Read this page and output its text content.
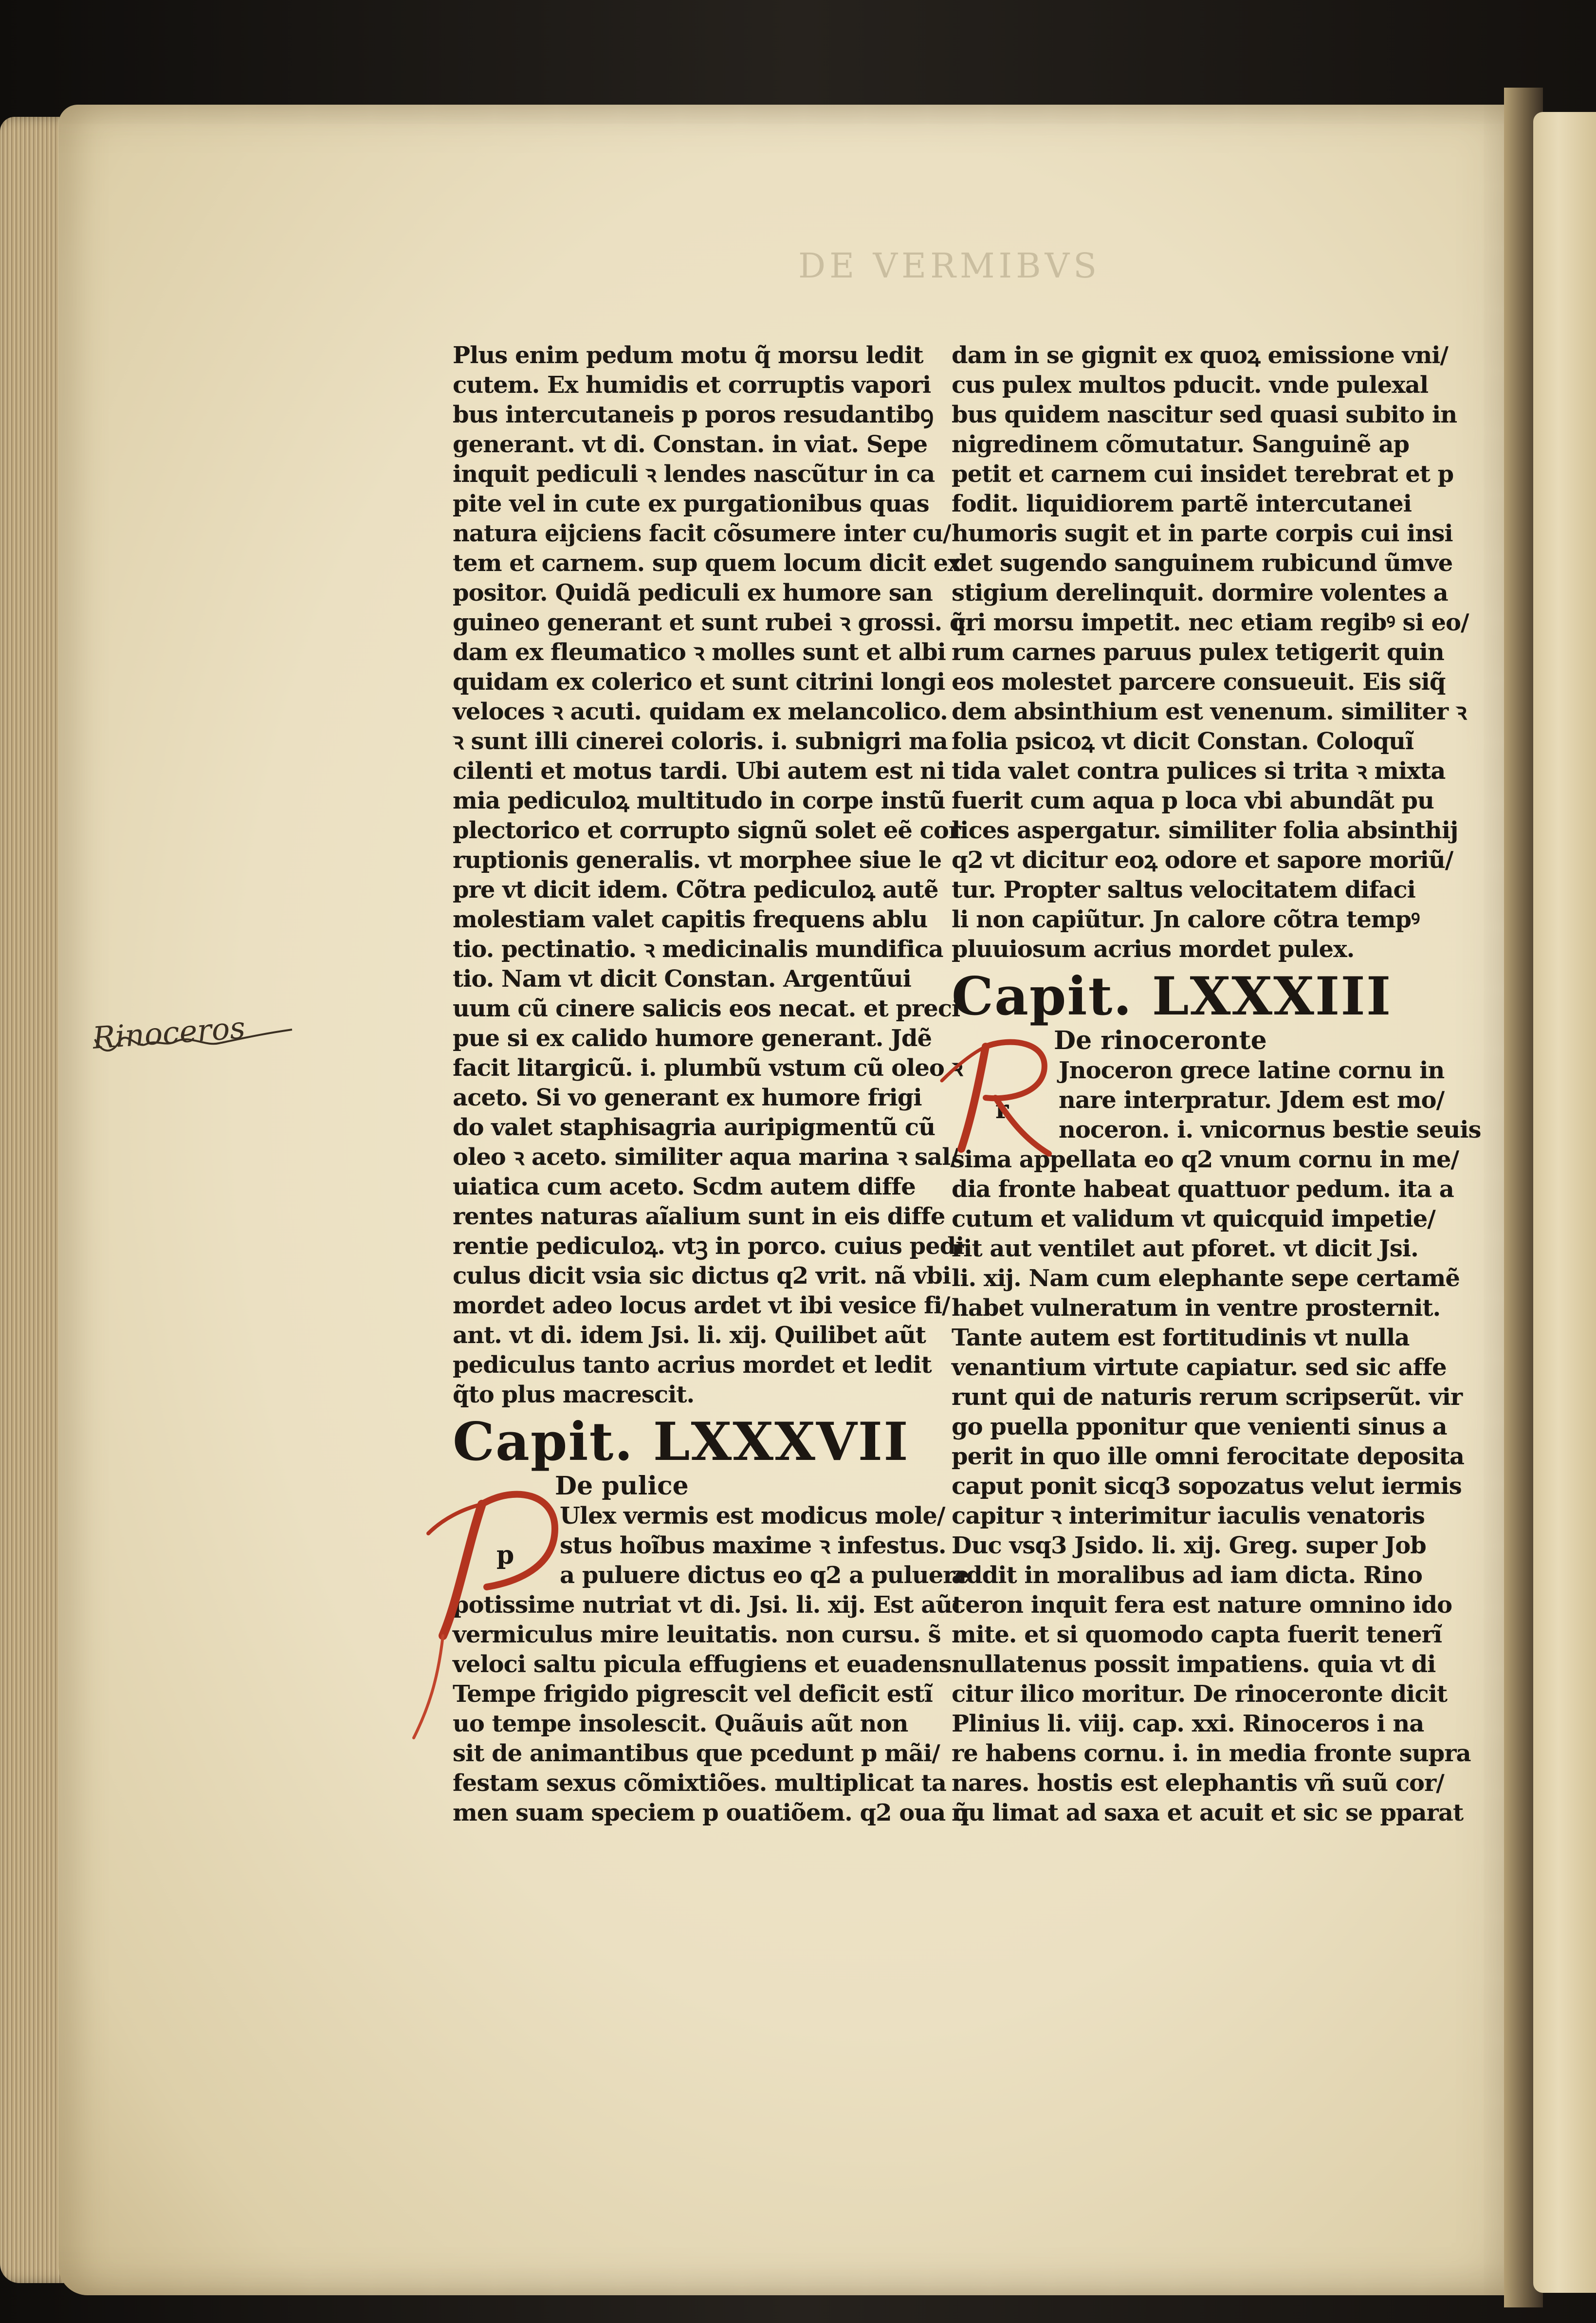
DE VERMIBVS
Rinoceros
Plus enim pedum motu q̃ morsu ledit
cutem. Ex humidis et corruptis vapori
bus intercutaneis p poros resudantibꝯ
generant. vt di. Constan. in viat. Sepe
inquit pediculi ꝛ lendes nascũtur in ca
pite vel in cute ex purgationibus quas
natura eijciens facit cõsumere inter cu/
tem et carnem. sup quem locum dicit ex
positor. Quidã pediculi ex humore san
guineo generant et sunt rubei ꝛ grossi. q̃
dam ex fleumatico ꝛ molles sunt et albi
quidam ex colerico et sunt citrini longi
veloces ꝛ acuti. quidam ex melancolico.
ꝛ sunt illi cinerei coloris. i. subnigri ma
cilenti et motus tardi. Ubi autem est ni
mia pediculoꝝ multitudo in corpe instũ
plectorico et corrupto signũ solet eẽ cor
ruptionis generalis. vt morphee siue le
pre vt dicit idem. Cõtra pediculoꝝ autẽ
molestiam valet capitis frequens ablu
tio. pectinatio. ꝛ medicinalis mundifica
tio. Nam vt dicit Constan. Argentũui
uum cũ cinere salicis eos necat. et preci
pue si ex calido humore generant. Jdẽ
facit litargicũ. i. plumbũ vstum cũ oleo ꝛ
aceto. Si vo generant ex humore frigi
do valet staphisagria auripigmentũ cũ
oleo ꝛ aceto. similiter aqua marina ꝛ sal/
uiatica cum aceto. Scdm autem diffe
rentes naturas aĩalium sunt in eis diffe
rentie pediculoꝝ. vtꝫ in porco. cuius pedi
culus dicit vsia sic dictus q2 vrit. nã vbi
mordet adeo locus ardet vt ibi vesice fi/
ant. vt di. idem Jsi. li. xij. Quilibet aũt
pediculus tanto acrius mordet et ledit
q̃to plus macrescit.
Capit. LXXXVII
De pulice
p
Ulex vermis est modicus mole/
stus hoĩbus maxime ꝛ infestus.
a puluere dictus eo q2 a puluere
potissime nutriat vt di. Jsi. li. xij. Est aũt
vermiculus mire leuitatis. non cursu. s̃
veloci saltu picula effugiens et euadens.
Tempe frigido pigrescit vel deficit estĩ
uo tempe insolescit. Quãuis aũt non
sit de animantibus que pcedunt p mãi/
festam sexus cõmixtiões. multiplicat ta
men suam speciem p ouatiõem. q2 oua q̃
dam in se gignit ex quoꝝ emissione vni/
cus pulex multos pducit. vnde pulexal
bus quidem nascitur sed quasi subito in
nigredinem cõmutatur. Sanguinẽ ap
petit et carnem cui insidet terebrat et p
fodit. liquidiorem partẽ intercutanei
humoris sugit et in parte corpis cui insi
det sugendo sanguinem rubicund ũmve
stigium derelinquit. dormire volentes a
cri morsu impetit. nec etiam regibꝰ si eo/
rum carnes paruus pulex tetigerit quin
eos molestet parcere consueuit. Eis siq̃
dem absinthium est venenum. similiter ꝛ
folia psicoꝝ vt dicit Constan. Coloquĩ
tida valet contra pulices si trita ꝛ mixta
fuerit cum aqua p loca vbi abundãt pu
lices aspergatur. similiter folia absinthij
q2 vt dicitur eoꝝ odore et sapore moriũ/
tur. Propter saltus velocitatem difaci
li non capiũtur. Jn calore cõtra tempꝰ
pluuiosum acrius mordet pulex.
Capit. LXXXIII
De rinoceronte
r
Jnoceron grece latine cornu in
nare interpratur. Jdem est mo/
noceron. i. vnicornus bestie seuis
sima appellata eo q2 vnum cornu in me/
dia fronte habeat quattuor pedum. ita a
cutum et validum vt quicquid impetie/
rit aut ventilet aut pforet. vt dicit Jsi.
li. xij. Nam cum elephante sepe certamẽ
habet vulneratum in ventre prosternit.
Tante autem est fortitudinis vt nulla
venantium virtute capiatur. sed sic affe
runt qui de naturis rerum scripserũt. vir
go puella pponitur que venienti sinus a
perit in quo ille omni ferocitate deposita
caput ponit sicq3 sopozatus velut iermis
capitur ꝛ interimitur iaculis venatoris
Duc vsq3 Jsido. li. xij. Greg. super Job
addit in moralibus ad iam dicta. Rino
ceron inquit fera est nature omnino ido
mite. et si quomodo capta fuerit tenerĩ
nullatenus possit impatiens. quia vt di
citur ilico moritur. De rinoceronte dicit
Plinius li. viij. cap. xxi. Rinoceros i na
re habens cornu. i. in media fronte supra
nares. hostis est elephantis vñ suũ cor/
nu limat ad saxa et acuit et sic se pparat
